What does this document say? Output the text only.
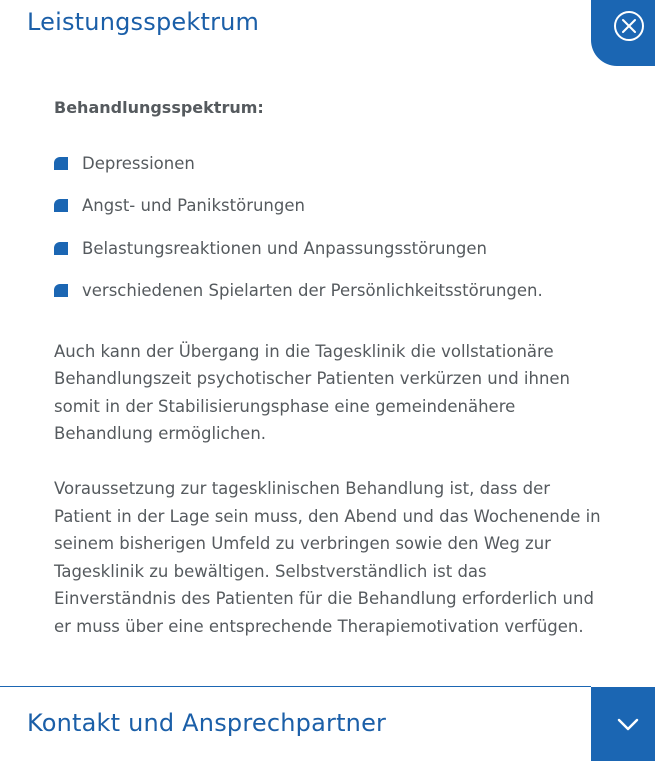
Leistungsspektrum

Behandlungsspektrum:

Depressionen
Angst- und Panikstörungen
Belastungsreaktionen und Anpassungsstörungen
verschiedenen Spielarten der Persönlichkeitsstörungen.

Auch kann der Übergang in die Tagesklinik die vollstationäre
Behandlungszeit psychotischer Patienten verkürzen und ihnen
somit in der Stabilisierungsphase eine gemeindenähere
Behandlung ermöglichen.

Voraussetzung zur tagesklinischen Behandlung ist, dass der
Patient in der Lage sein muss, den Abend und das Wochenende in
seinem bisherigen Umfeld zu verbringen sowie den Weg zur
Tagesklinik zu bewältigen. Selbstverständlich ist das
Einverständnis des Patienten für die Behandlung erforderlich und
er muss über eine entsprechende Therapiemotivation verfügen.

Kontakt und Ansprechpartner
